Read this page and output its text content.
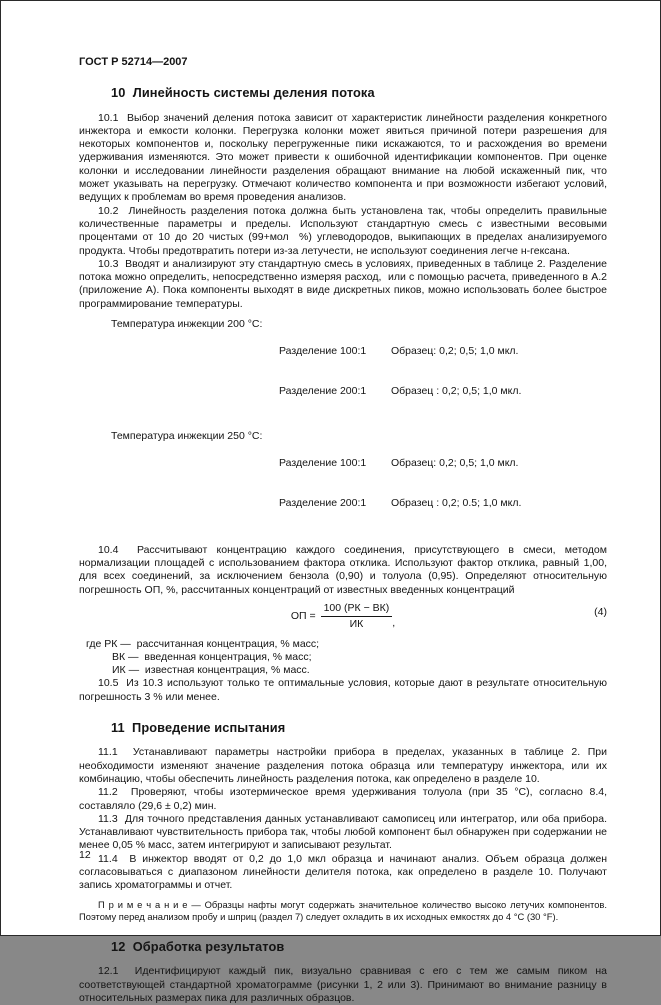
ГОСТ Р 52714—2007
10  Линейность системы деления потока

10.1  Выбор значений деления потока зависит от характеристик линейности разделения конкретного инжектора и емкости колонки. Перегрузка колонки может явиться причиной потери разрешения для некоторых компонентов и, поскольку перегруженные пики искажаются, то и расхождения во времени удерживания изменяются. Это может привести к ошибочной идентификации компонентов. При оценке колонки и исследовании линейности разделения обращают внимание на любой искаженный пик, что может указывать на перегрузку. Отмечают количество компонента и при возможности избегают условий, ведущих к проблемам во время проведения анализов.

10.2  Линейность разделения потока должна быть установлена так, чтобы определить правильные количественные параметры и пределы. Используют стандартную смесь с известными весовыми процентами от 10 до 20 чистых (99+мол  %) углеводородов, выкипающих в пределах анализируемого продукта. Чтобы предотвратить потери из-за летучести, не используют соединения легче н-гексана.

10.3  Вводят и анализируют эту стандартную смесь в условиях, приведенных в таблице 2. Разделение потока можно определить, непосредственно измеряя расход,  или с помощью расчета, приведенного в А.2 (приложение А). Пока компоненты выходят в виде дискретных пиков, можно использовать более быстрое программирование температуры.

Температура инжекции 200 °С:

Разделение 100:1

Разделение 200:1

Образец: 0,2; 0,5; 1,0 мкл.

Образец : 0,2; 0,5; 1,0 мкл.

Температура инжекции 250 °С:

Разделение 100:1

Разделение 200:1

Образец: 0,2; 0,5; 1,0 мкл.

Образец : 0,2; 0.5; 1,0 мкл.

10.4  Рассчитывают концентрацию каждого соединения, присутствующего в смеси, методом нормализации площадей с использованием фактора отклика. Используют фактор отклика, равный 1,00, для всех соединений, за исключением бензола (0,90) и толуола (0,95). Определяют относительную погрешность ОП, %, рассчитанных концентраций от известных введенных концентраций

ОП = $\frac{100 (РК - ВК)}{ИК}$ ,
(4)
где РК —  рассчитанная концентрация, % масс;
ВК —  введенная концентрация, % масс;
ИК —  известная концентрация, % масс.

10.5  Из 10.3 используют только те оптимальные условия, которые дают в результате относительную погрешность 3 % или менее.

11  Проведение испытания

11.1  Устанавливают параметры настройки прибора в пределах, указанных в таблице 2. При необходимости изменяют значение разделения потока образца или температуру инжектора, или их комбинацию, чтобы обеспечить линейность разделения потока, как определено в разделе 10.

11.2  Проверяют, чтобы изотермическое время удерживания толуола (при 35 °С), согласно 8.4, составляло (29,6 ± 0,2) мин.

11.3  Для точного представления данных устанавливают самописец или интегратор, или оба прибора. Устанавливают чувствительность прибора так, чтобы любой компонент был обнаружен при содержании не менее 0,05 % масс, затем интегрируют и записывают результат.

11.4  В инжектор вводят от 0,2 до 1,0 мкл образца и начинают анализ. Объем образца должен согласовываться с диапазоном линейности делителя потока, как определено в разделе 10. Получают запись хроматограммы и отчет.

П р и м е ч а н и е — Образцы нафты могут содержать значительное количество высоко летучих компонентов. Поэтому перед анализом пробу и шприц (раздел 7) следует охладить в их исходных емкостях до 4 °С (30 °F).

12  Обработка результатов

12.1  Идентифицируют каждый пик, визуально сравнивая с его с тем же самым пиком на соответствующей стандартной хроматограмме (рисунки 1, 2 или 3). Принимают во внимание разницу в относительных размерах пика для различных образцов.

12
